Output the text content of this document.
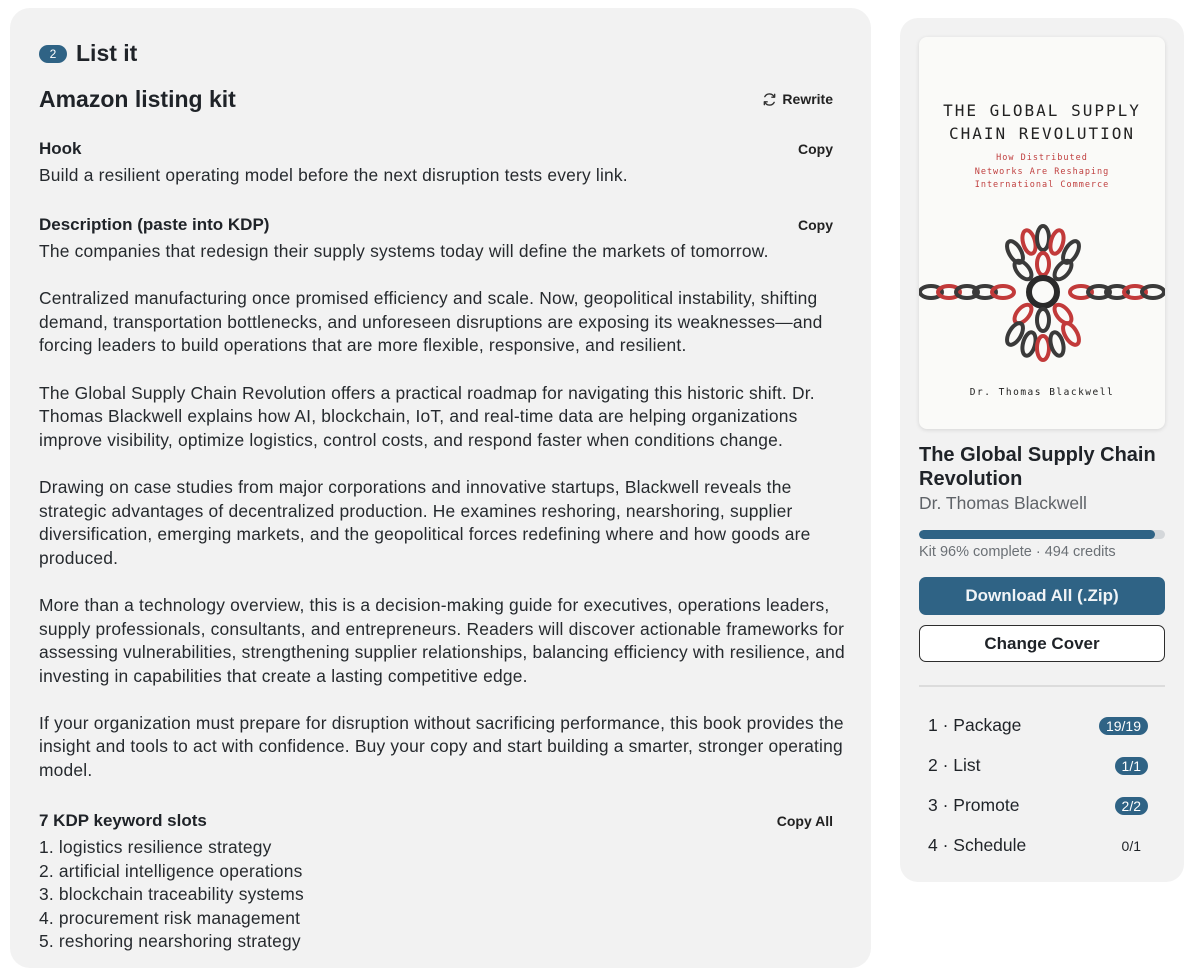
2 List it
Amazon listing kit	Rewrite
Hook	Copy
Build a resilient operating model before the next disruption tests every link.
Description (paste into KDP)	Copy

The companies that redesign their supply systems today will define the markets of tomorrow.

Centralized manufacturing once promised efficiency and scale. Now, geopolitical instability, shifting demand, transportation bottlenecks, and unforeseen disruptions are exposing its weaknesses—and forcing leaders to build operations that are more flexible, responsive, and resilient.

The Global Supply Chain Revolution offers a practical roadmap for navigating this historic shift. Dr. Thomas Blackwell explains how AI, blockchain, IoT, and real-time data are helping organizations improve visibility, optimize logistics, control costs, and respond faster when conditions change.

Drawing on case studies from major corporations and innovative startups, Blackwell reveals the strategic advantages of decentralized production. He examines reshoring, nearshoring, supplier diversification, emerging markets, and the geopolitical forces redefining where and how goods are produced.

More than a technology overview, this is a decision-making guide for executives, operations leaders, supply professionals, consultants, and entrepreneurs. Readers will discover actionable frameworks for assessing vulnerabilities, strengthening supplier relationships, balancing efficiency with resilience, and investing in capabilities that create a lasting competitive edge.

If your organization must prepare for disruption without sacrificing performance, this book provides the insight and tools to act with confidence. Buy your copy and start building a smarter, stronger operating model.

7 KDP keyword slots	Copy All
1. logistics resilience strategy
2. artificial intelligence operations
3. blockchain traceability systems
4. procurement risk management
5. reshoring nearshoring strategy
THE GLOBAL SUPPLY
CHAIN REVOLUTION
How Distributed
Networks Are Reshaping
International Commerce
Dr. Thomas Blackwell
The Global Supply Chain Revolution
Dr. Thomas Blackwell
Kit 96% complete · 494 credits
Download All (.Zip)
Change Cover
1 · Package	19/19
2 · List	1/1
3 · Promote	2/2
4 · Schedule	0/1
